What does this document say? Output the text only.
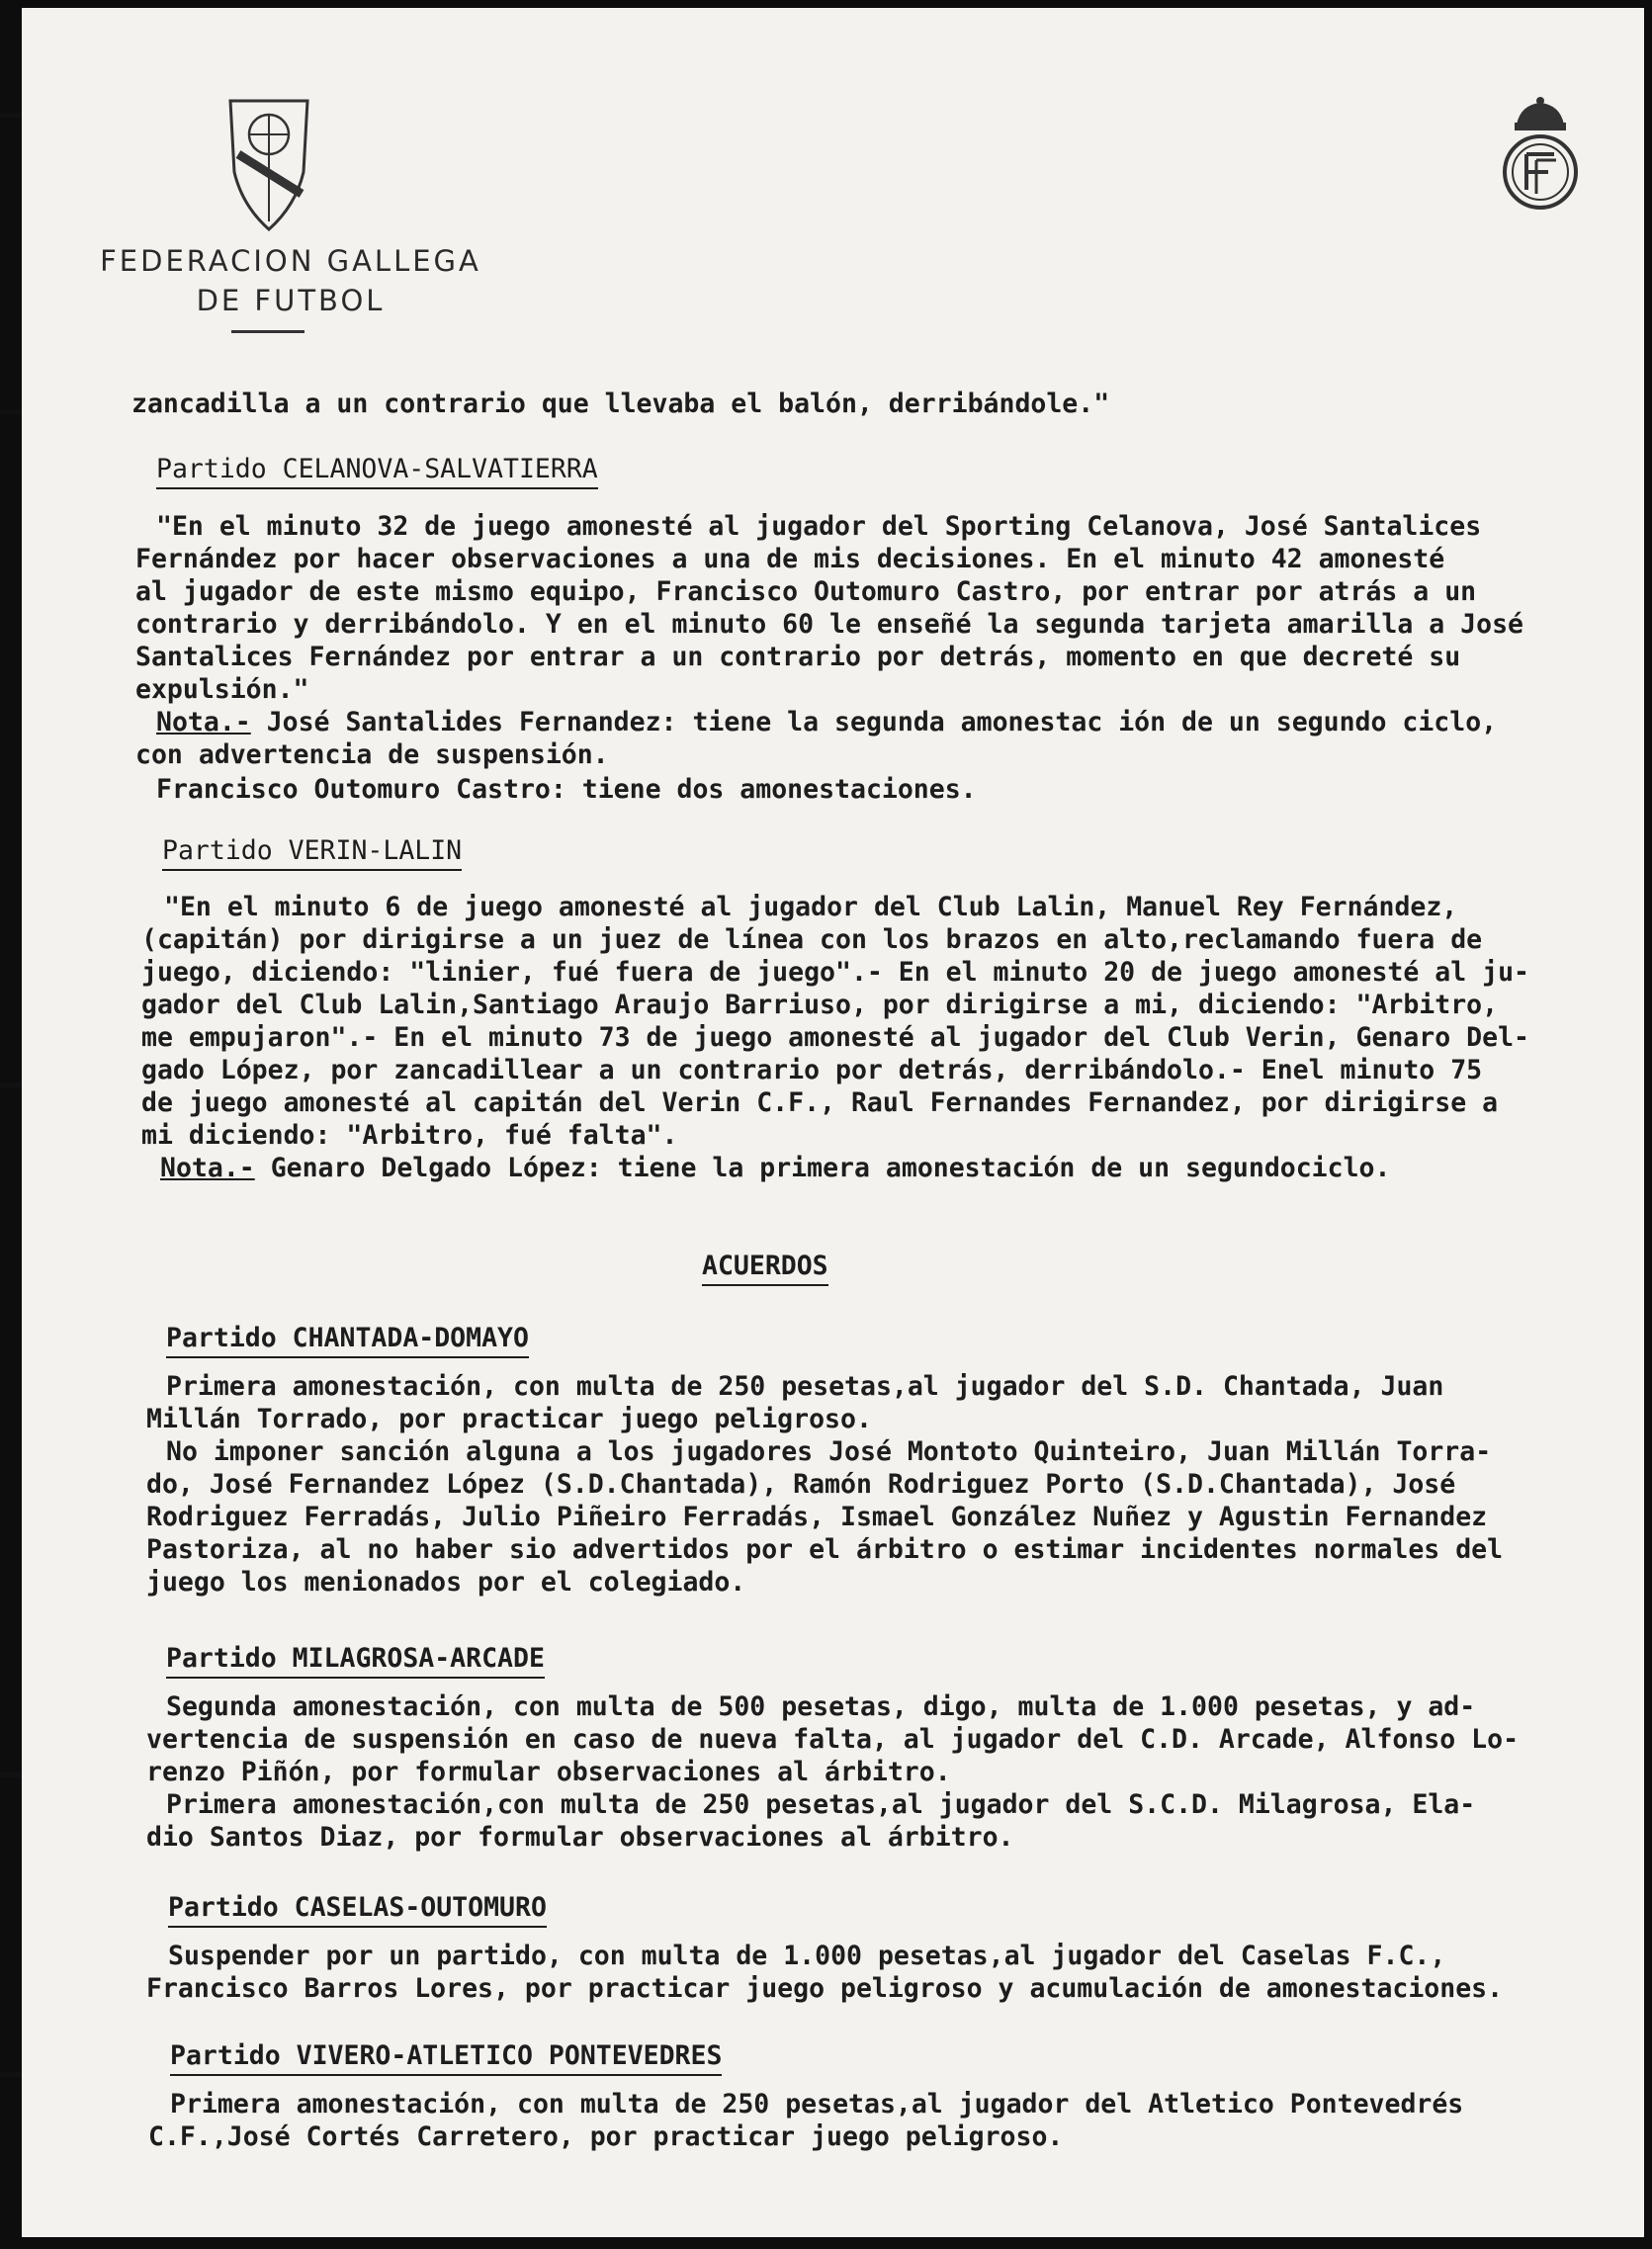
FEDERACION GALLEGA
DE FUTBOL

zancadilla a un contrario que llevaba el balón, derribándole."

Partido CELANOVA-SALVATIERRA

"En el minuto 32 de juego amonesté al jugador del Sporting Celanova, José Santalices

Fernández por hacer observaciones a una de mis decisiones. En el minuto 42 amonesté

al jugador de este mismo equipo, Francisco Outomuro Castro, por entrar por atrás a un

contrario y derribándolo. Y en el minuto 60 le enseñé la segunda tarjeta amarilla a José

Santalices Fernández por entrar a un contrario por detrás, momento en que decreté su

expulsión."

Nota.- José Santalides Fernandez: tiene la segunda amonestac ión de un segundo ciclo,

con advertencia de suspensión.

Francisco Outomuro Castro: tiene dos amonestaciones.

Partido VERIN-LALIN

"En el minuto 6 de juego amonesté al jugador del Club Lalin, Manuel Rey Fernández,

(capitán) por dirigirse a un juez de línea con los brazos en alto,reclamando fuera de

juego, diciendo: "linier, fué fuera de juego".- En el minuto 20 de juego amonesté al ju-

gador del Club Lalin,Santiago Araujo Barriuso, por dirigirse a mi, diciendo: "Arbitro,

me empujaron".- En el minuto 73 de juego amonesté al jugador del Club Verin, Genaro Del-

gado López, por zancadillear a un contrario por detrás, derribándolo.- Enel minuto 75

de juego amonesté al capitán del Verin C.F., Raul Fernandes Fernandez, por dirigirse a

mi diciendo: "Arbitro, fué falta".

Nota.- Genaro Delgado López: tiene la primera amonestación de un segundociclo.

ACUERDOS

Partido CHANTADA-DOMAYO

Primera amonestación, con multa de 250 pesetas,al jugador del S.D. Chantada, Juan

Millán Torrado, por practicar juego peligroso.

No imponer sanción alguna a los jugadores José Montoto Quinteiro, Juan Millán Torra-

do, José Fernandez López (S.D.Chantada), Ramón Rodriguez Porto (S.D.Chantada), José

Rodriguez Ferradás, Julio Piñeiro Ferradás, Ismael González Nuñez y Agustin Fernandez

Pastoriza, al no haber sio advertidos por el árbitro o estimar incidentes normales del

juego los menionados por el colegiado.

Partido MILAGROSA-ARCADE

Segunda amonestación, con multa de 500 pesetas, digo, multa de 1.000 pesetas, y ad-

vertencia de suspensión en caso de nueva falta, al jugador del C.D. Arcade, Alfonso Lo-

renzo Piñón, por formular observaciones al árbitro.

Primera amonestación,con multa de 250 pesetas,al jugador del S.C.D. Milagrosa, Ela-

dio Santos Diaz, por formular observaciones al árbitro.

Partido CASELAS-OUTOMURO

Suspender por un partido, con multa de 1.000 pesetas,al jugador del Caselas F.C.,

Francisco Barros Lores, por practicar juego peligroso y acumulación de amonestaciones.

Partido VIVERO-ATLETICO PONTEVEDRES

Primera amonestación, con multa de 250 pesetas,al jugador del Atletico Pontevedrés

C.F.,José Cortés Carretero, por practicar juego peligroso.
